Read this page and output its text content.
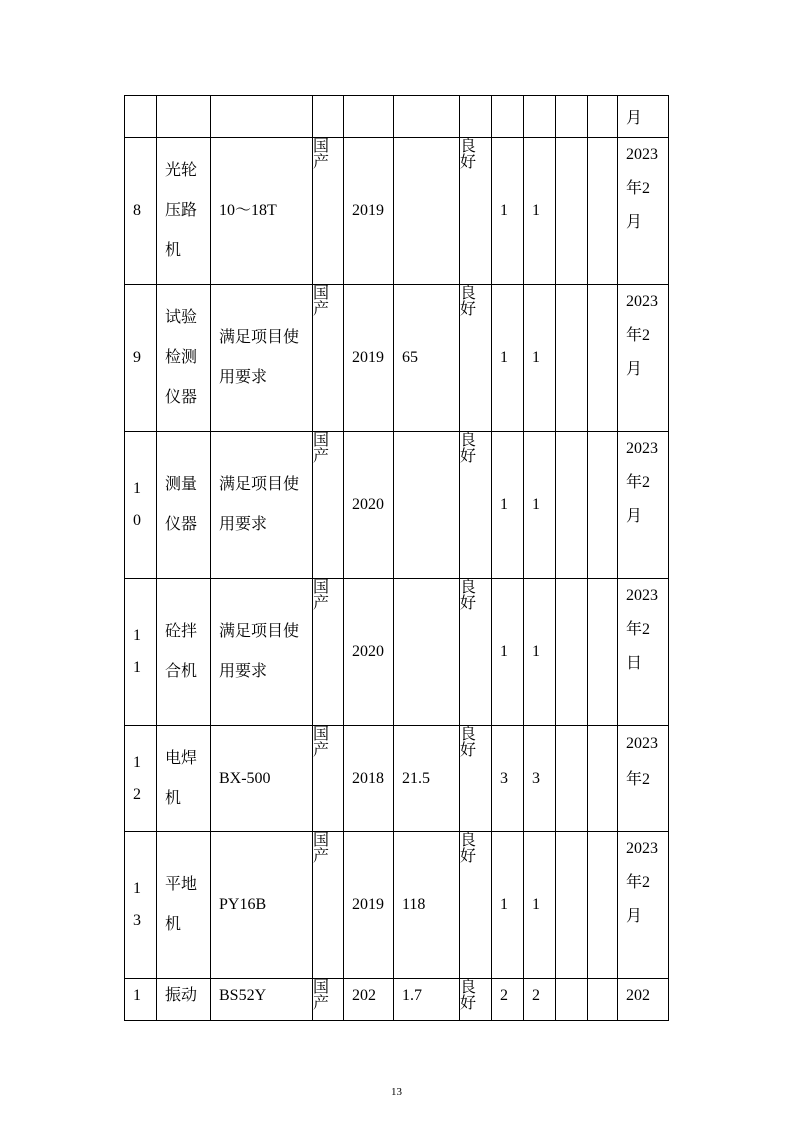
											月

8	光轮压路机	10～18T	国产	2019		良好	1	1			2023年2月

9	试验检测仪器	满足项目使用要求	国产	2019	65	良好	1	1			2023年2月

10	测量仪器	满足项目使用要求	国产	2020		良好	1	1			2023年2月

11	砼拌合机	满足项目使用要求	国产	2020		良好	1	1			2023年2日

12	电焊机	BX-500	国产	2018	21.5	良好	3	3			2023年2

13	平地机	PY16B	国产	2019	118	良好	1	1			2023年2月

1	振动	BS52Y	国产	202	1.7	良好	2	2			202
13
